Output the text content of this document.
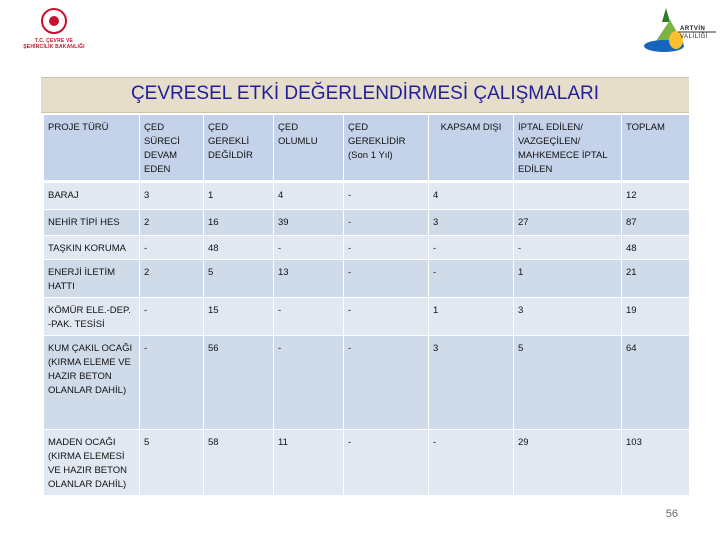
T.C. ÇEVRE VE
ŞEHİRCİLİK BAKANLIĞI
ARTVİN
VALİLİĞİ
ÇEVRESEL ETKİ DEĞERLENDİRMESİ ÇALIŞMALARI
PROJE TÜRÜ	ÇED SÜRECİ DEVAM EDEN	ÇED GEREKLİ DEĞİLDİR	ÇED OLUMLU	ÇED GEREKLİDİR (Son 1 Yıl)	KAPSAM DIŞI	İPTAL EDİLEN/ VAZGEÇİLEN/ MAHKEMECE İPTAL EDİLEN	TOPLAM
BARAJ	3	1	4	-	4		12
NEHİR TİPİ HES	2	16	39	-	3	27	87
TAŞKIN KORUMA	-	48	-	-	-	-	48
ENERJİ İLETİM HATTI	2	5	13	-	-	1	21
KÖMÜR ELE.-DEP. -PAK. TESİSİ	-	15	-	-	1	3	19
KUM ÇAKIL OCAĞI (KIRMA ELEME VE HAZIR BETON OLANLAR DAHİL)	-	56	-	-	3	5	64
MADEN OCAĞI (KIRMA ELEMESİ VE HAZIR BETON OLANLAR DAHİL)	5	58	11	-	-	29	103
56
